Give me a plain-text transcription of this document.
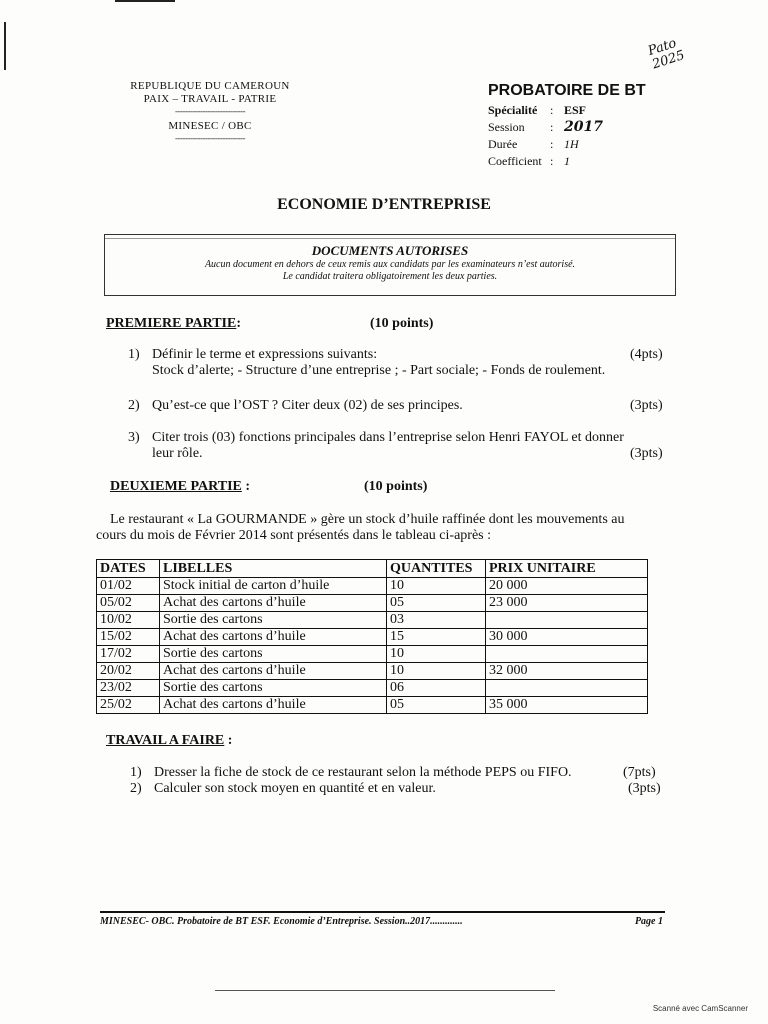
Pato
2025
REPUBLIQUE DU CAMEROUN
PAIX – TRAVAIL - PATRIE
----------------------------
MINESEC / OBC
----------------------------
PROBATOIRE DE BT
Spécialité : ESF
Session : 2017
Durée	: 1H
Coefficient : 1
ECONOMIE D’ENTREPRISE
DOCUMENTS AUTORISES
Aucun document en dehors de ceux remis aux candidats par les examinateurs n’est autorisé.
Le candidat traitera obligatoirement les deux parties.
PREMIERE PARTIE:	(10 points)
1) Définir le terme et expressions suivants:	(4pts)
Stock d’alerte; - Structure d’une entreprise ; - Part sociale; - Fonds de roulement.
2) Qu’est-ce que l’OST ? Citer deux (02) de ses principes.	(3pts)
3) Citer trois (03) fonctions principales dans l’entreprise selon Henri FAYOL et donner
leur rôle.	(3pts)
DEUXIEME PARTIE :	(10 points)
Le restaurant « La GOURMANDE » gère un stock d’huile raffinée dont les mouvements au
cours du mois de Février 2014 sont présentés dans le tableau ci-après :
DATES	LIBELLES	QUANTITES	PRIX UNITAIRE
01/02	Stock initial de carton d’huile	10	20 000
05/02	Achat des cartons d’huile	05	23 000
10/02	Sortie des cartons	03	
15/02	Achat des cartons d’huile	15	30 000
17/02	Sortie des cartons	10	
20/02	Achat des cartons d’huile	10	32 000
23/02	Sortie des cartons	06	
25/02	Achat des cartons d’huile	05	35 000
TRAVAIL A FAIRE :
1) Dresser la fiche de stock de ce restaurant selon la méthode PEPS ou FIFO.	(7pts)
2) Calculer son stock moyen en quantité et en valeur.	(3pts)
MINESEC- OBC. Probatoire de BT ESF. Economie d’Entreprise. Session..2017.............	Page 1
Scanné avec CamScanner
